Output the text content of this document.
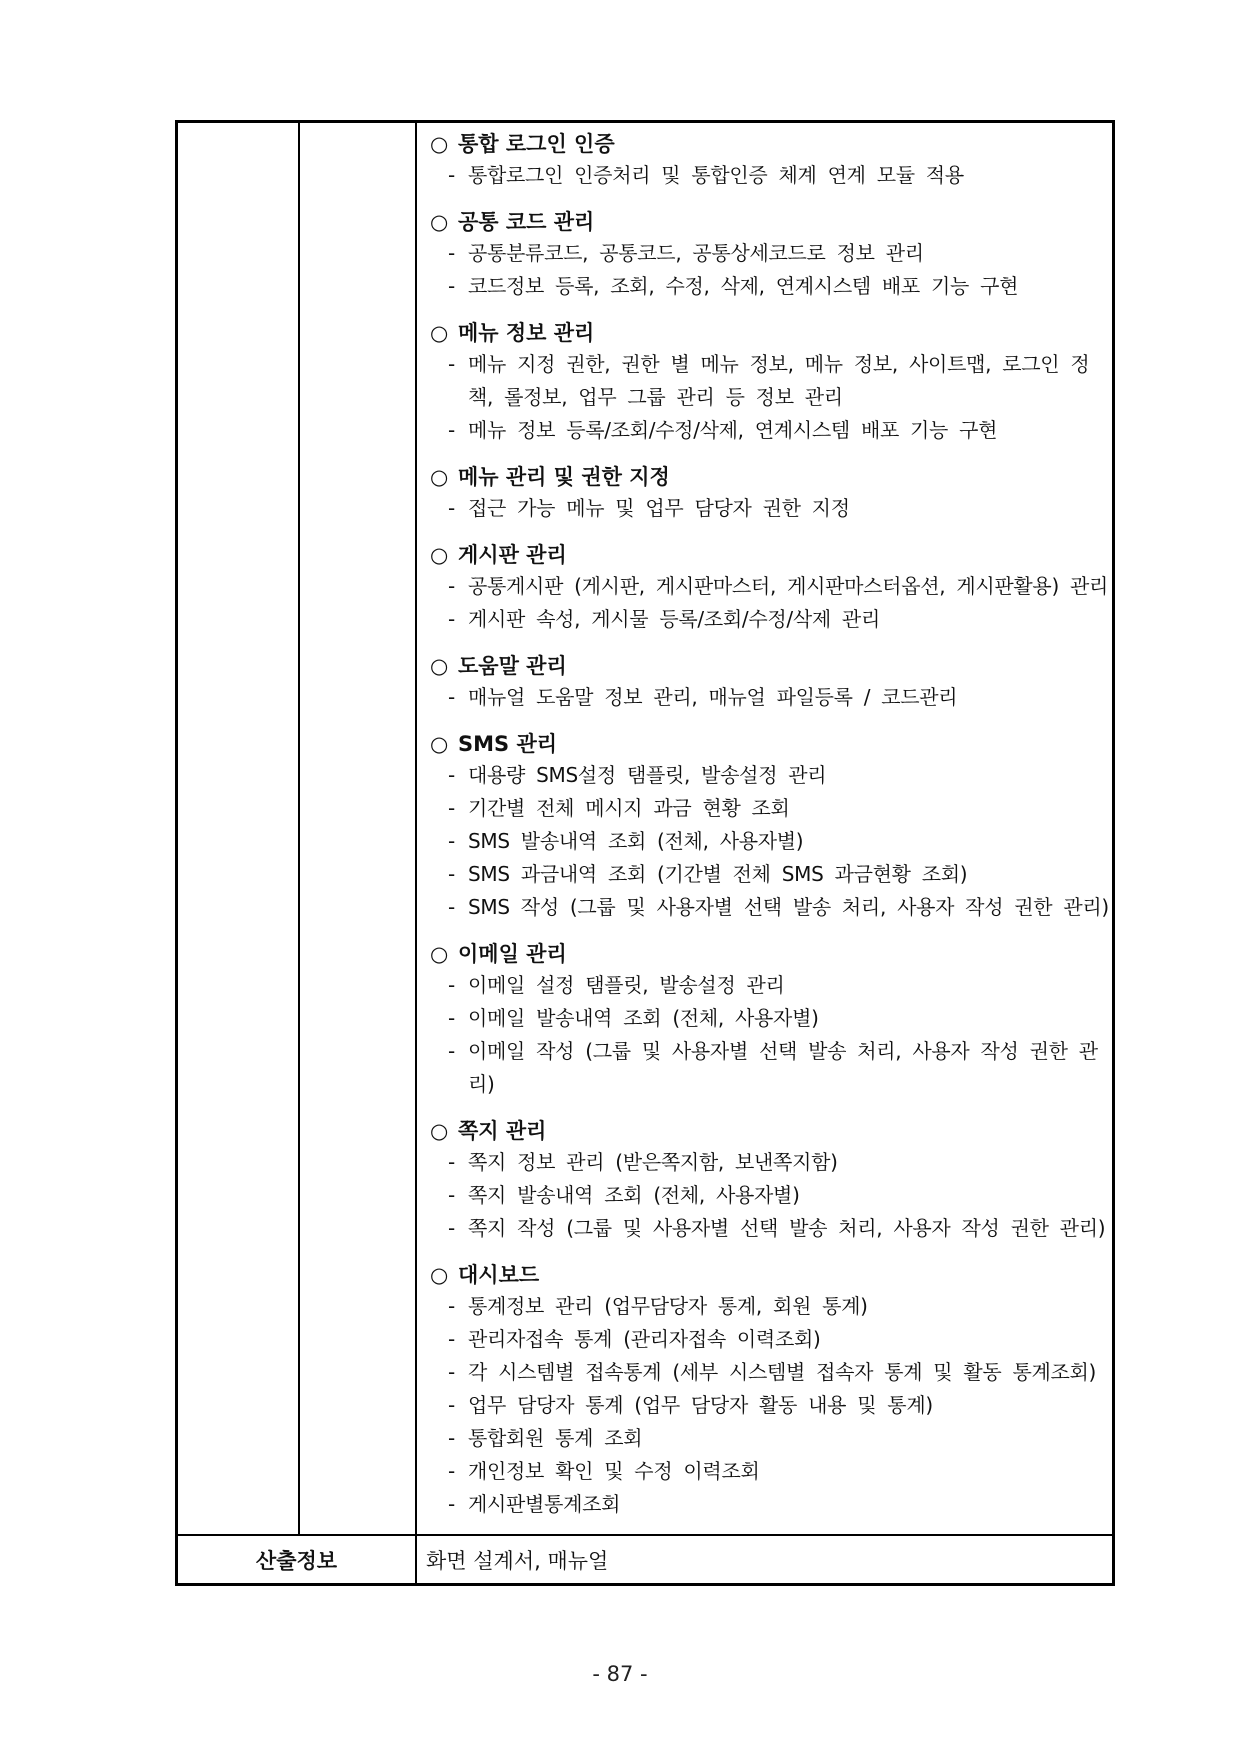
○ 통합 로그인 인증
- 통합로그인 인증처리 및 통합인증 체계 연계 모듈 적용
○ 공통 코드 관리
- 공통분류코드, 공통코드, 공통상세코드로 정보 관리
- 코드정보 등록, 조회, 수정, 삭제, 연계시스템 배포 기능 구현
○ 메뉴 정보 관리
- 메뉴 지정 권한, 권한 별 메뉴 정보, 메뉴 정보, 사이트맵, 로그인 정책, 롤정보, 업무 그룹 관리 등 정보 관리
- 메뉴 정보 등록/조회/수정/삭제, 연계시스템 배포 기능 구현
○ 메뉴 관리 및 권한 지정
- 접근 가능 메뉴 및 업무 담당자 권한 지정
○ 게시판 관리
- 공통게시판 (게시판, 게시판마스터, 게시판마스터옵션, 게시판활용) 관리
- 게시판 속성, 게시물 등록/조회/수정/삭제 관리
○ 도움말 관리
- 매뉴얼 도움말 정보 관리, 매뉴얼 파일등록 / 코드관리
○ SMS 관리
- 대용량 SMS설정 탬플릿, 발송설정 관리
- 기간별 전체 메시지 과금 현황 조회
- SMS 발송내역 조회 (전체, 사용자별)
- SMS 과금내역 조회 (기간별 전체 SMS 과금현황 조회)
- SMS 작성 (그룹 및 사용자별 선택 발송 처리, 사용자 작성 권한 관리)
○ 이메일 관리
- 이메일 설정 탬플릿, 발송설정 관리
- 이메일 발송내역 조회 (전체, 사용자별)
- 이메일 작성 (그룹 및 사용자별 선택 발송 처리, 사용자 작성 권한 관리)
○ 쪽지 관리
- 쪽지 정보 관리 (받은쪽지함, 보낸쪽지함)
- 쪽지 발송내역 조회 (전체, 사용자별)
- 쪽지 작성 (그룹 및 사용자별 선택 발송 처리, 사용자 작성 권한 관리)
○ 대시보드
- 통계정보 관리 (업무담당자 통계, 회원 통계)
- 관리자접속 통계 (관리자접속 이력조회)
- 각 시스템별 접속통계 (세부 시스템별 접속자 통계 및 활동 통계조회)
- 업무 담당자 통계 (업무 담당자 활동 내용 및 통계)
- 통합회원 통계 조회
- 개인정보 확인 및 수정 이력조회
- 게시판별통계조회
산출정보	화면 설계서, 매뉴얼
- 87 -
